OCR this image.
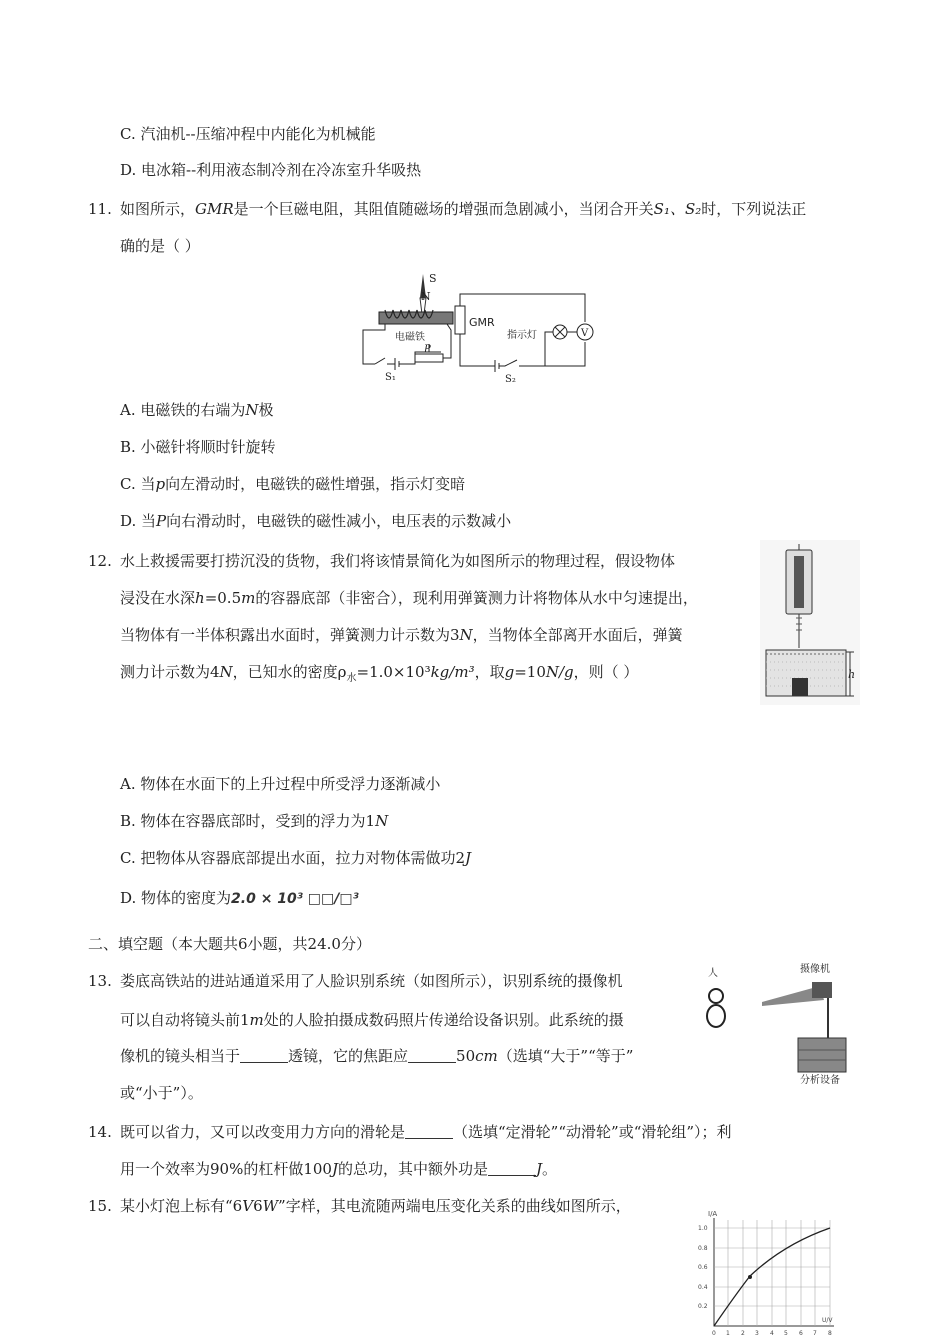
C. 汽油机--压缩冲程中内能化为机械能
D. 电冰箱--利用液态制冷剂在冷冻室升华吸热
11. 如图所示，GMR是一个巨磁电阻，其阻值随磁场的增强而急剧减小，当闭合开关S₁、S₂时，下列说法正
确的是（ ）
S
N
电磁铁
P
S₁
GMR
指示灯	V
S₂
A. 电磁铁的右端为N极
B. 小磁针将顺时针旋转
C. 当p向左滑动时，电磁铁的磁性增强，指示灯变暗
D. 当P向右滑动时，电磁铁的磁性减小，电压表的示数减小
12. 水上救援需要打捞沉没的货物，我们将该情景简化为如图所示的物理过程，假设物体
浸没在水深h=0.5m的容器底部（非密合），现利用弹簧测力计将物体从水中匀速提出，
当物体有一半体积露出水面时，弹簧测力计示数为3N，当物体全部离开水面后，弹簧
测力计示数为4N，已知水的密度$\rho_水=1.0\times 10^3kg/m^3$，取g=10N/g，则（ ）	h
A. 物体在水面下的上升过程中所受浮力逐渐减小
B. 物体在容器底部时，受到的浮力为1N
C. 把物体从容器底部提出水面，拉力对物体需做功2J
D. 物体的密度为2.0 × 10³ □□/□³
二、填空题（本大题共6小题，共24.0分）
13. 娄底高铁站的进站通道采用了人脸识别系统（如图所示），识别系统的摄像机
可以自动将镜头前1m处的人脸拍摄成数码照片传递给设备识别。此系统的摄
像机的镜头相当于	透镜，它的焦距应	50cm（选填“大于”“等于”
或“小于”）。
人	摄像机
分析设备
14. 既可以省力，又可以改变用力方向的滑轮是	（选填“定滑轮”“动滑轮”或“滑轮组”）；利
用一个效率为90%的杠杆做100J的总功，其中额外功是	J。
15. 某小灯泡上标有“6V6W”字样，其电流随两端电压变化关系的曲线如图所示，	I/A
1.0
0.8
0.6
0.4
0.2
0 1 2 3 4 5 6 7 8
U/V
